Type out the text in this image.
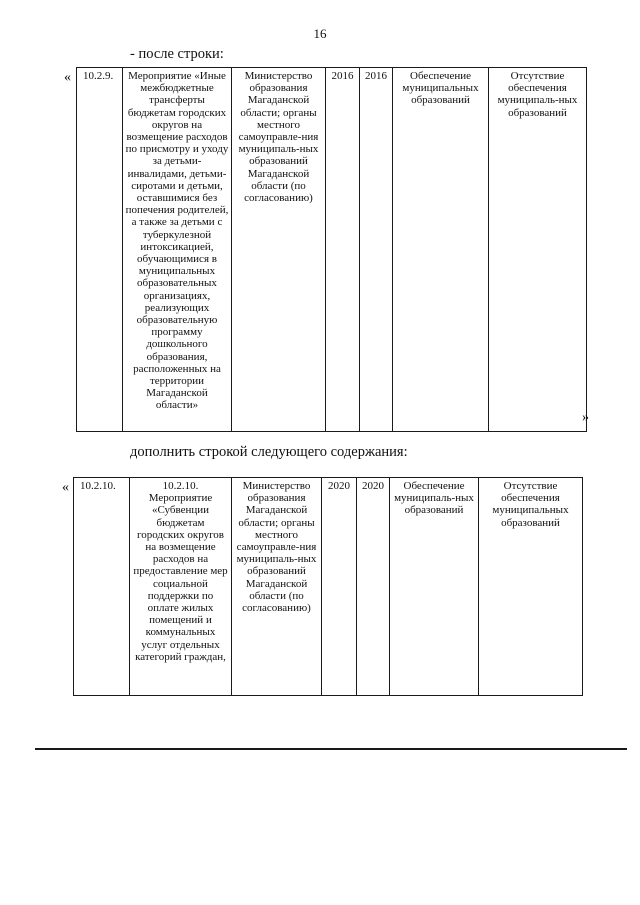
16
- после строки:
« 10.2.9.	Мероприятие «Иные межбюджетные трансферты бюджетам городских округов на возмещение расходов по присмотру и уходу за детьми-инвалидами, детьми-сиротами и детьми, оставшимися без попечения родителей, а также за детьми с туберкулезной интоксикацией, обучающимися в муниципальных образовательных организациях, реализующих образовательную программу дошкольного образования, расположенных на территории Магаданской области»	Министерство образования Магаданской области; органы местного самоуправле-ния муниципаль-ных образований Магаданской области (по согласованию)	2016	2016	Обеспечение муниципальных образований	Отсутствие обеспечения муниципаль-ных образований
»
дополнить строкой следующего содержания:
« 10.2.10.	10.2.10. Мероприятие «Субвенции бюджетам городских округов на возмещение расходов на предоставление мер социальной поддержки по оплате жилых помещений и коммунальных услуг отдельных категорий граждан,	Министерство образования Магаданской области; органы местного самоуправле-ния муниципаль-ных образований Магаданской области (по согласованию)	2020	2020	Обеспечение муниципаль-ных образований	Отсутствие обеспечения муниципальных образований
